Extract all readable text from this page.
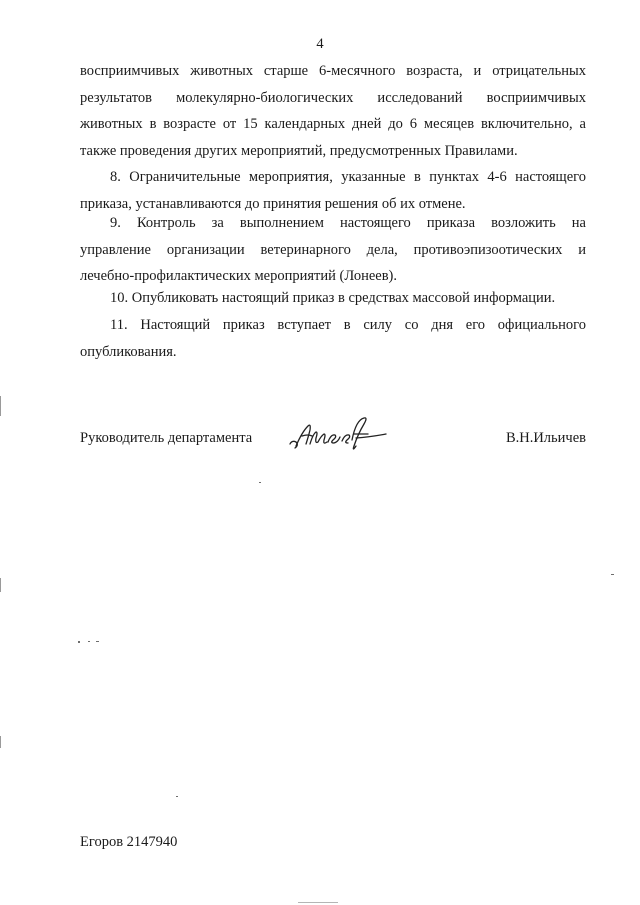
4

восприимчивых животных старше 6-месячного возраста, и отрицательных
результатов молекулярно-биологических исследований восприимчивых
животных в возрасте от 15 календарных дней до 6 месяцев включительно, а
также проведения других мероприятий, предусмотренных Правилами.

8. Ограничительные мероприятия, указанные в пунктах 4-6 настоящего
приказа, устанавливаются до принятия решения об их отмене.

9. Контроль за выполнением настоящего приказа возложить на
управление организации ветеринарного дела, противоэпизоотических и
лечебно-профилактических мероприятий (Лонеев).

10. Опубликовать настоящий приказ в средствах массовой информации.

11. Настоящий приказ вступает в силу со дня его официального
опубликования.

Руководитель департамента	В.Н.Ильичев
Егоров 2147940
